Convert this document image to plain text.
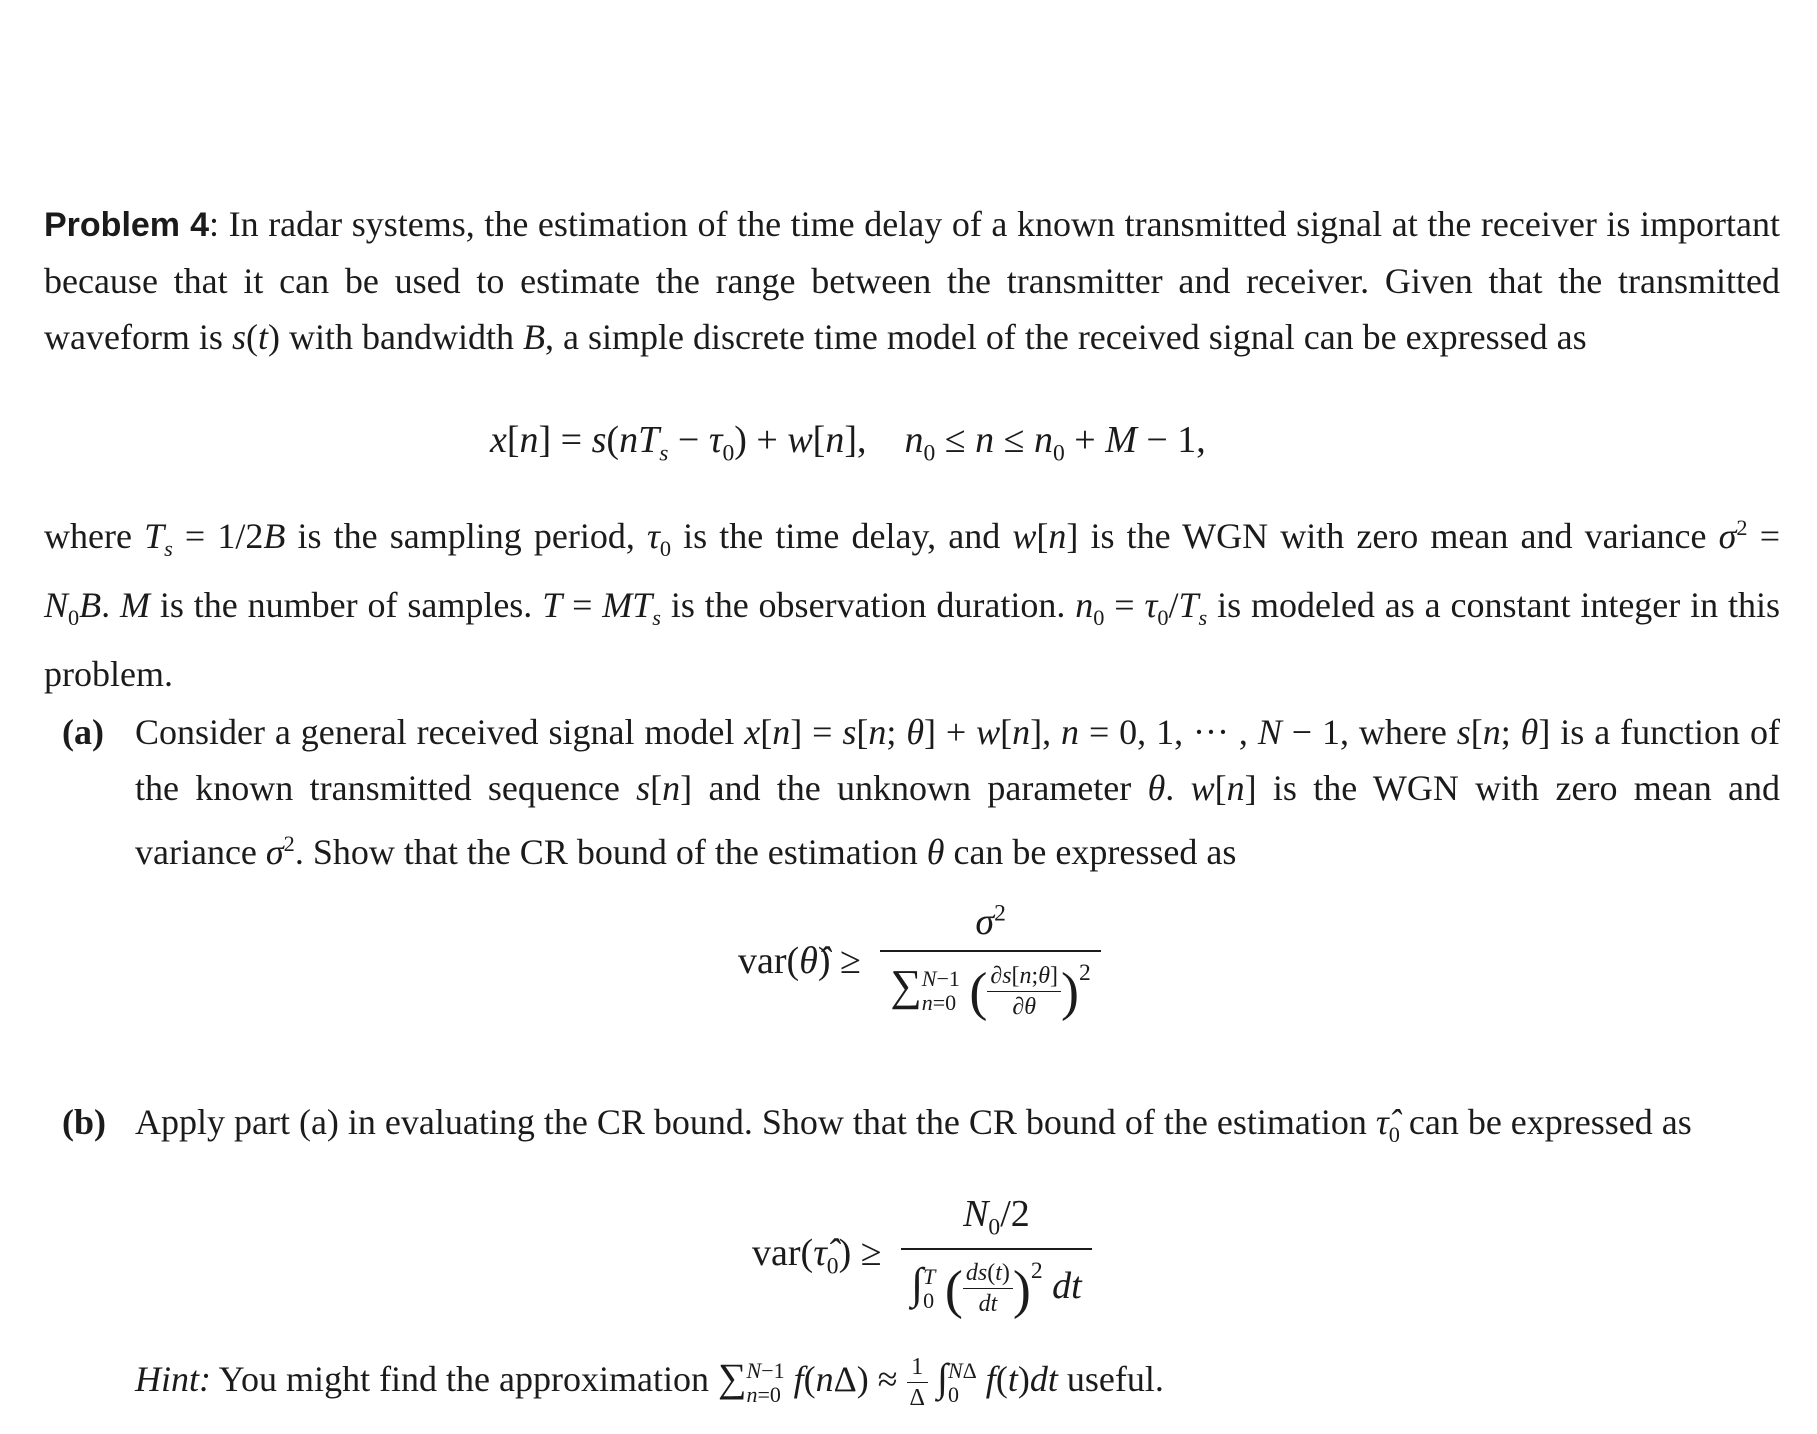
Problem 4: In radar systems, the estimation of the time delay of a known transmitted signal at the receiver is important because that it can be used to estimate the range between the transmitter and receiver. Given that the transmitted waveform is s(t) with bandwidth B, a simple discrete time model of the received signal can be expressed as
$x[n] = s(nT_s - \tau_0) + w[n]$,    $n_0 \le n \le n_0 + M - 1$,
where $T_s = 1/2B$ is the sampling period, $\tau_0$ is the time delay, and w[n] is the WGN with zero mean and variance $\sigma^2 = N_0B$. M is the number of samples. $T = MT_s$ is the observation duration. $n_0 = \tau_0/T_s$ is modeled as a constant integer in this problem.
(a) Consider a general received signal model x[n] = s[n; θ] + w[n], n = 0, 1, ··· , N − 1, where s[n; θ] is a function of the known transmitted sequence s[n] and the unknown parameter θ. w[n] is the WGN with zero mean and variance $\sigma^2$. Show that the CR bound of the estimation θ can be expressed as
var(θ̂) ≥
$\sigma^2$
∑N−1
n=0 ( $\frac{\partial s[n;\theta]}{\partial\theta} )^2$
(b) Apply part (a) in evaluating the CR bound. Show that the CR bound of the estimation $\taû_0$ can be expressed as
$var(\taû_0)$ ≥
$N_0/2$
∫T
0 ( $\frac{ds(t)}{dt} )^2$ dt
Hint: You might find the approximation ∑N−1
n=0 $f(n\Delta) \approx \frac{1}{\Delta} \int N\Delta$
0 f(t)dt useful.
